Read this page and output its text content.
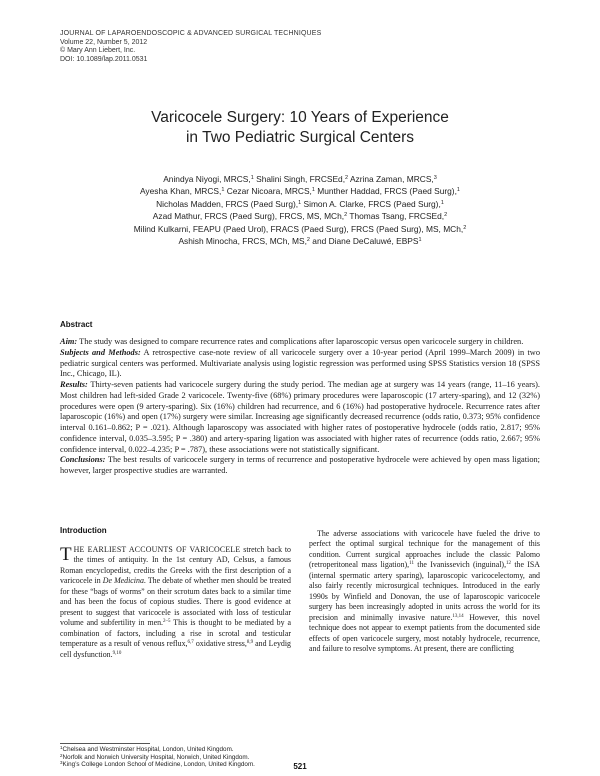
JOURNAL OF LAPAROENDOSCOPIC & ADVANCED SURGICAL TECHNIQUES
Volume 22, Number 5, 2012
© Mary Ann Liebert, Inc.
DOI: 10.1089/lap.2011.0531
Varicocele Surgery: 10 Years of Experience
in Two Pediatric Surgical Centers
Anindya Niyogi, MRCS,$^1$ Shalini Singh, FRCSEd,$^2$ Azrina Zaman, MRCS,$^3$
Ayesha Khan, MRCS,$^1$ Cezar Nicoara, MRCS,$^1$ Munther Haddad, FRCS (Paed Surg),$^1$
Nicholas Madden, FRCS (Paed Surg),$^1$ Simon A. Clarke, FRCS (Paed Surg),$^1$
Azad Mathur, FRCS (Paed Surg), FRCS, MS, MCh,$^2$ Thomas Tsang, FRCSEd,$^2$
Milind Kulkarni, FEAPU (Paed Urol), FRACS (Paed Surg), FRCS (Paed Surg), MS, MCh,$^2$
Ashish Minocha, FRCS, MCh, MS,$^2$ and Diane DeCaluwé, EBPS$^1$
Abstract

Aim: The study was designed to compare recurrence rates and complications after laparoscopic versus open varicocele surgery in children.

Subjects and Methods: A retrospective case-note review of all varicocele surgery over a 10-year period (April 1999–March 2009) in two pediatric surgical centers was performed. Multivariate analysis using logistic regression was performed using SPSS Statistics version 18 (SPSS Inc., Chicago, IL).

Results: Thirty-seven patients had varicocele surgery during the study period. The median age at surgery was 14 years (range, 11–16 years). Most children had left-sided Grade 2 varicocele. Twenty-five (68%) primary procedures were laparoscopic (17 artery-sparing), and 12 (32%) procedures were open (9 artery-sparing). Six (16%) children had recurrence, and 6 (16%) had postoperative hydrocele. Recurrence rates after laparoscopic (16%) and open (17%) surgery were similar. Increasing age significantly decreased recurrence (odds ratio, 0.373; 95% confidence interval 0.161–0.862; P = .021). Although laparoscopy was associated with higher rates of postoperative hydrocele (odds ratio, 2.817; 95% confidence interval, 0.035–3.595; P = .380) and artery-sparing ligation was associated with higher rates of recurrence (odds ratio, 2.667; 95% confidence interval, 0.022–4.235; P = .787), these associations were not statistically significant.

Conclusions: The best results of varicocele surgery in terms of recurrence and postoperative hydrocele were achieved by open mass ligation; however, larger prospective studies are warranted.

Introduction
THE EARLIEST ACCOUNTS OF VARICOCELE stretch back to the times of antiquity. In the 1st century AD, Celsus, a famous Roman encyclopedist, credits the Greeks with the first description of a varicocele in De Medicina. The debate of whether men should be treated for these “bags of worms” on their scrotum dates back to a similar time and has been the focus of copious studies. There is good evidence at present to suggest that varicocele is associated with loss of testicular volume and subfertility in men.$^{2-5}$ This is thought to be mediated by a combination of factors, including a rise in scrotal and testicular temperature as a result of venous reflux,$^{6,7}$ oxidative stress,$^{8,9}$ and Leydig cell dysfunction.$^{9,10}$

The adverse associations with varicocele have fueled the drive to perfect the optimal surgical technique for the management of this condition. Current surgical approaches include the classic Palomo (retroperitoneal mass ligation),$^{11}$ the Ivanissevich (inguinal),$^{12}$ the ISA (internal spermatic artery sparing), laparoscopic varicocelectomy, and also fairly recently microsurgical techniques. Introduced in the early 1990s by Winfield and Donovan, the use of laparoscopic varicocele surgery has been increasingly adopted in units across the world for its precision and minimally invasive nature.$^{13,14}$ However, this novel technique does not appear to exempt patients from the documented side effects of open varicocele surgery, most notably hydrocele, recurrence, and failure to resolve symptoms. At present, there are conflicting

$^1$Chelsea and Westminster Hospital, London, United Kingdom.
$^2$Norfolk and Norwich University Hospital, Norwich, United Kingdom.
$^3$King’s College London School of Medicine, London, United Kingdom.	521
